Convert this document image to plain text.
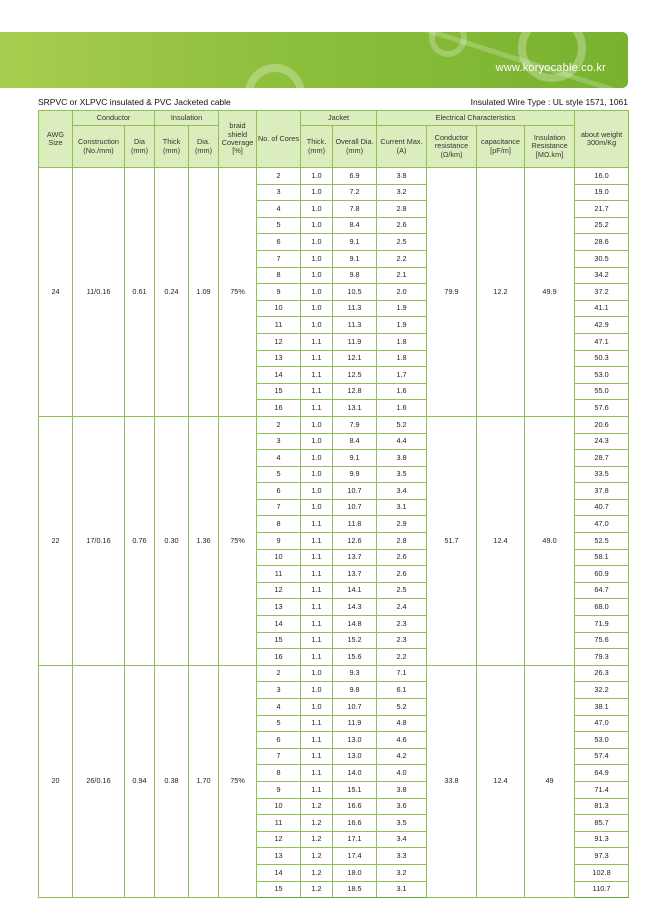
www.koryocable.co.kr
SRPVC or XLPVC insulated & PVC Jacketed cable	Insulated Wire Type : UL style 1571, 1061
AWG Size	Conductor		Insulation		braid shield Coverage [%]	No. of Cores	Jacket		Electrical Characteristics				about weight 300m/Kg
	Construction (No./mm)	Dia (mm)	Thick (mm)	Dia. (mm)			Thick. (mm)	Overall Dia.(mm)	Current Max.(A)	Conductor resistance (Ω/km)	capacitance [pF/m]	Insulation Resistance [MΩ.km]	
24	11/0.16	0.61	0.24	1.09	75%	2	1.0	6.9	3.8	79.9	12.2	49.9	16.0
						3	1.0	7.2	3.2				19.0
						4	1.0	7.8	2.8				21.7
						5	1.0	8.4	2.6				25.2
						6	1.0	9.1	2.5				28.6
						7	1.0	9.1	2.2				30.5
						8	1.0	9.8	2.1				34.2
						9	1.0	10.5	2.0				37.2
						10	1.0	11.3	1.9				41.1
						11	1.0	11.3	1.9				42.9
						12	1.1	11.9	1.8				47.1
						13	1.1	12.1	1.8				50.3
						14	1.1	12.5	1.7				53.0
						15	1.1	12.8	1.6				55.0
						16	1.1	13.1	1.6				57.6
22	17/0.16	0.76	0.30	1.36	75%	2	1.0	7.9	5.2	51.7	12.4	49.0	20.6
						3	1.0	8.4	4.4				24.3
						4	1.0	9.1	3.8				28.7
						5	1.0	9.9	3.5				33.5
						6	1.0	10.7	3.4				37.8
						7	1.0	10.7	3.1				40.7
						8	1.1	11.8	2.9				47.0
						9	1.1	12.6	2.8				52.5
						10	1.1	13.7	2.6				58.1
						11	1.1	13.7	2.6				60.9
						12	1.1	14.1	2.5				64.7
						13	1.1	14.3	2.4				68.0
						14	1.1	14.8	2.3				71.9
						15	1.1	15.2	2.3				75.6
						16	1.1	15.6	2.2				79.3
20	26/0.16	0.94	0.38	1.70	75%	2	1.0	9.3	7.1	33.8	12.4	49	26.3
						3	1.0	9.8	6.1				32.2
						4	1.0	10.7	5.2				38.1
						5	1.1	11.9	4.8				47.0
						6	1.1	13.0	4.6				53.0
						7	1.1	13.0	4.2				57.4
						8	1.1	14.0	4.0				64.9
						9	1.1	15.1	3.8				71.4
						10	1.2	16.6	3.6				81.3
						11	1.2	16.6	3.5				85.7
						12	1.2	17.1	3.4				91.3
						13	1.2	17.4	3.3				97.3
						14	1.2	18.0	3.2				102.8
						15	1.2	18.5	3.1				110.7
